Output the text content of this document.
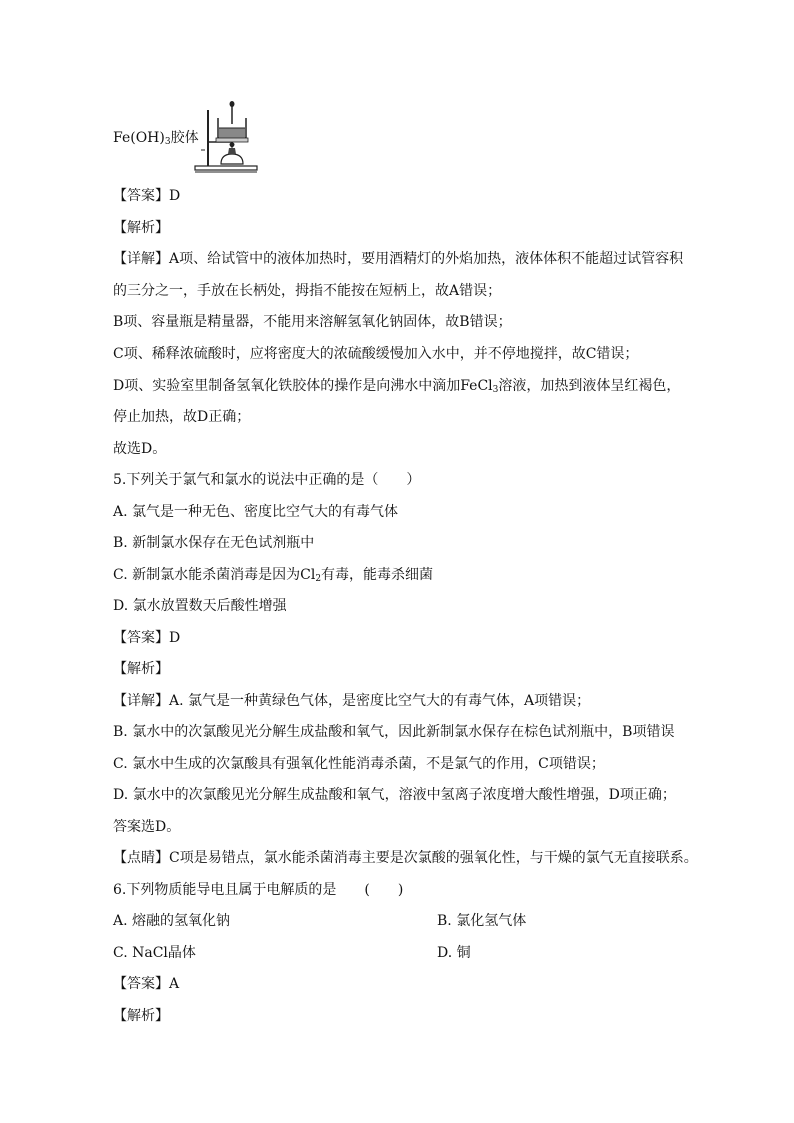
$Fe(OH)_3$胶体
【答案】D
【解析】
【详解】A项、给试管中的液体加热时，要用酒精灯的外焰加热，液体体积不能超过试管容积
的三分之一，手放在长柄处，拇指不能按在短柄上，故A错误；
B项、容量瓶是精量器，不能用来溶解氢氧化钠固体，故B错误；
C项、稀释浓硫酸时，应将密度大的浓硫酸缓慢加入水中，并不停地搅拌，故C错误；
D项、实验室里制备氢氧化铁胶体的操作是向沸水中滴加FeCl$_3$溶液，加热到液体呈红褐色，
停止加热，故D正确；
故选D。
5.下列关于氯气和氯水的说法中正确的是（　　）
A. 氯气是一种无色、密度比空气大的有毒气体
B. 新制氯水保存在无色试剂瓶中
C. 新制氯水能杀菌消毒是因为$Cl_2$有毒，能毒杀细菌
D. 氯水放置数天后酸性增强
【答案】D
【解析】
【详解】A. 氯气是一种黄绿色气体，是密度比空气大的有毒气体，A项错误；
B. 氯水中的次氯酸见光分解生成盐酸和氧气，因此新制氯水保存在棕色试剂瓶中，B项错误
C. 氯水中生成的次氯酸具有强氧化性能消毒杀菌，不是氯气的作用，C项错误；
D. 氯水中的次氯酸见光分解生成盐酸和氧气，溶液中氢离子浓度增大酸性增强，D项正确；
答案选D。
【点睛】C项是易错点，氯水能杀菌消毒主要是次氯酸的强氧化性，与干燥的氯气无直接联系。
6.下列物质能导电且属于电解质的是　　(　　)
A. 熔融的氢氧化钠	B. 氯化氢气体
C. NaCl晶体	D. 铜
【答案】A
【解析】
